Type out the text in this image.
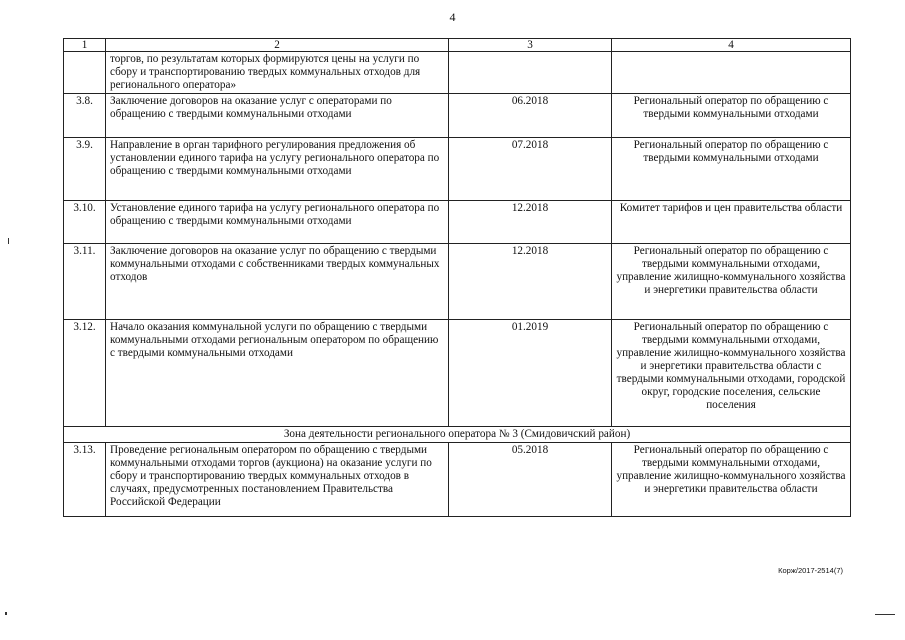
4
1	2	3	4
	торгов, по результатам которых формируются цены на услуги по сбору и транспортированию твердых коммунальных отходов для регионального оператора»		
3.8.	Заключение договоров на оказание услуг с операторами по обращению с твердыми коммунальными отходами	06.2018	Региональный оператор по обращению с твердыми коммунальными отходами
3.9.	Направление в орган тарифного регулирования предложения об установлении единого тарифа на услугу регионального оператора по обращению с твердыми коммунальными отходами	07.2018	Региональный оператор по обращению с твердыми коммунальными отходами
3.10.	Установление единого тарифа на услугу регионального оператора по обращению с твердыми коммунальными отходами	12.2018	Комитет тарифов и цен правительства области
3.11.	Заключение договоров на оказание услуг по обращению с твердыми коммунальными отходами с собственниками твердых коммунальных отходов	12.2018	Региональный оператор по обращению с твердыми коммунальными отходами, управление жилищно-коммунального хозяйства и энергетики правительства области
3.12.	Начало оказания коммунальной услуги по обращению с твердыми коммунальными отходами региональным оператором по обращению с твердыми коммунальными отходами	01.2019	Региональный оператор по обращению с твердыми коммунальными отходами, управление жилищно-коммунального хозяйства и энергетики правительства области с твердыми коммунальными отходами, городской округ, городские поселения, сельские поселения
Зона деятельности регионального оператора № 3 (Смидовичский район)			
3.13.	Проведение региональным оператором по обращению с твердыми коммунальными отходами торгов (аукциона) на оказание услуги по сбору и транспортированию твердых коммунальных отходов в случаях, предусмотренных постановлением Правительства Российской Федерации	05.2018	Региональный оператор по обращению с твердыми коммунальными отходами, управление жилищно-коммунального хозяйства и энергетики правительства области
Корж/2017-2514(7)
